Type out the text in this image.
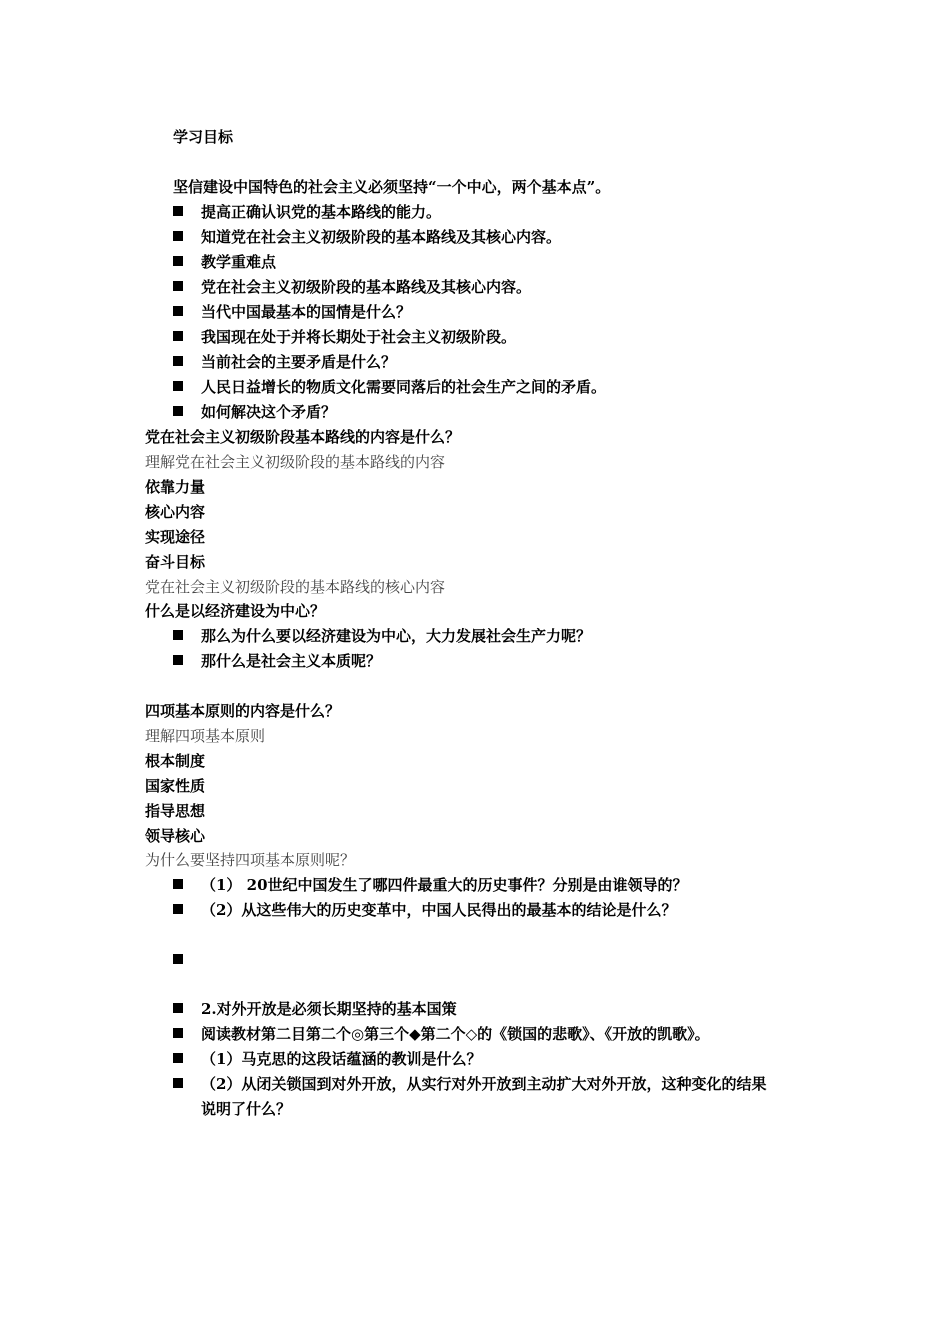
学习目标
坚信建设中国特色的社会主义必须坚持“一个中心，两个基本点”。
提高正确认识党的基本路线的能力。
知道党在社会主义初级阶段的基本路线及其核心内容。
教学重难点
党在社会主义初级阶段的基本路线及其核心内容。
当代中国最基本的国情是什么？
我国现在处于并将长期处于社会主义初级阶段。
当前社会的主要矛盾是什么？
人民日益增长的物质文化需要同落后的社会生产之间的矛盾。
如何解决这个矛盾？
党在社会主义初级阶段基本路线的内容是什么？
理解党在社会主义初级阶段的基本路线的内容
依靠力量
核心内容
实现途径
奋斗目标
党在社会主义初级阶段的基本路线的核心内容
什么是以经济建设为中心？
那么为什么要以经济建设为中心，大力发展社会生产力呢？
那什么是社会主义本质呢？
四项基本原则的内容是什么？
理解四项基本原则
根本制度
国家性质
指导思想
领导核心
为什么要坚持四项基本原则呢？
（1） 20世纪中国发生了哪四件最重大的历史事件？分别是由谁领导的？
（2）从这些伟大的历史变革中，中国人民得出的最基本的结论是什么？
2.对外开放是必须长期坚持的基本国策
阅读教材第二目第二个◎第三个◆第二个◇的《锁国的悲歌》、《开放的凯歌》。
（1）马克思的这段话蕴涵的教训是什么？
（2）从闭关锁国到对外开放，从实行对外开放到主动扩大对外开放，这种变化的结果
说明了什么？
